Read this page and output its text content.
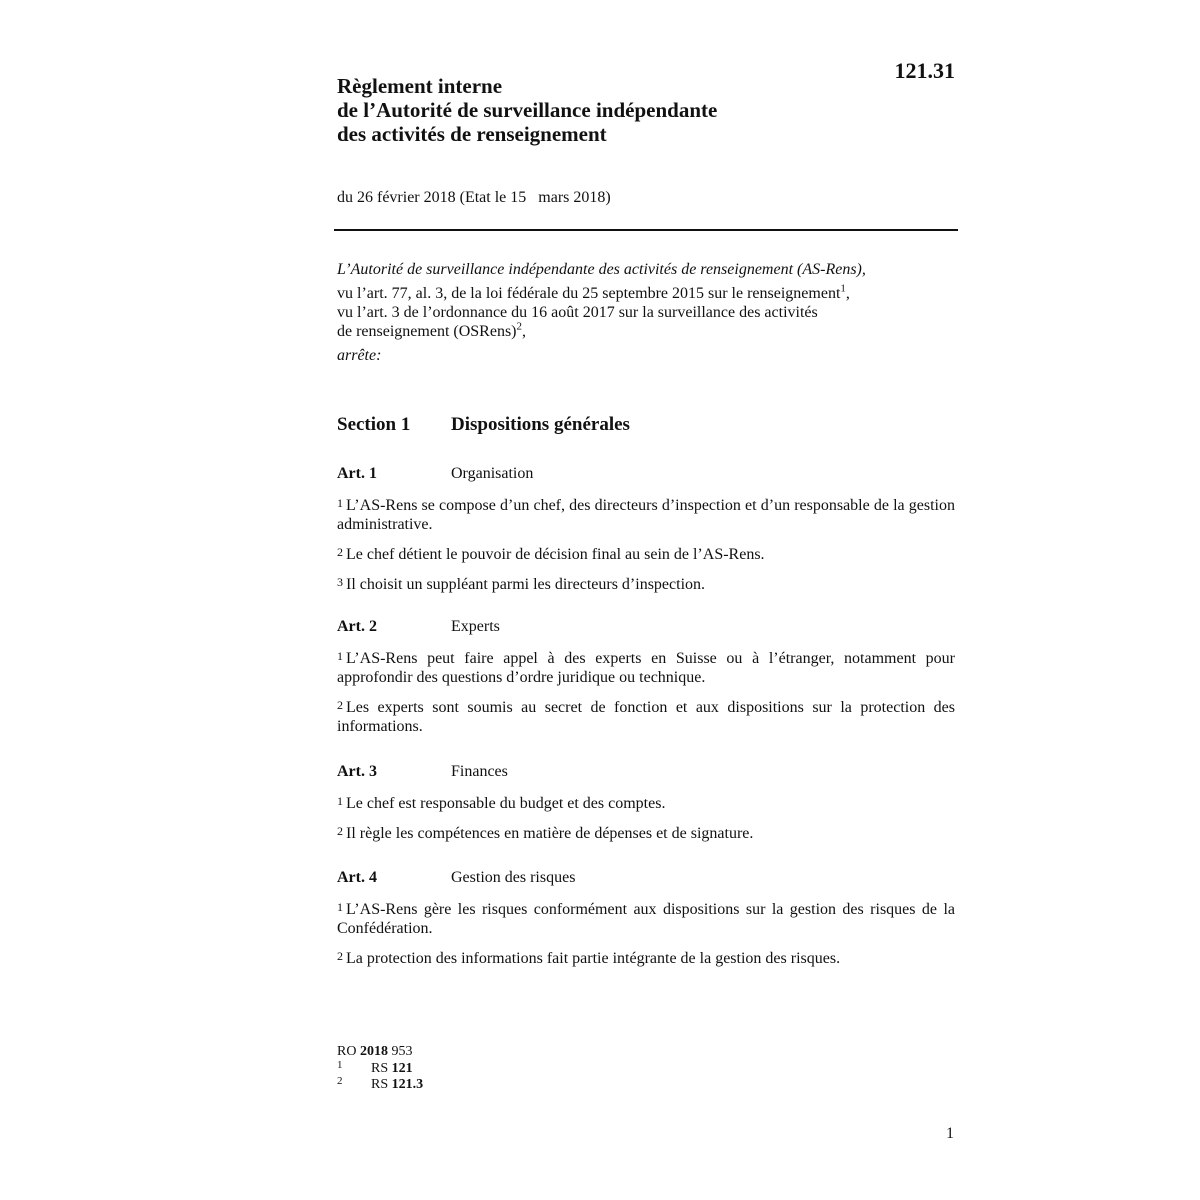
121.31
Règlement interne
de l’Autorité de surveillance indépendante
des activités de renseignement
du 26 février 2018 (Etat le 15   mars 2018)
L’Autorité de surveillance indépendante des activités de renseignement (AS-Rens),
vu l’art. 77, al. 3, de la loi fédérale du 25 septembre 2015 sur le renseignement$^1$,
vu l’art. 3 de l’ordonnance du 16 août 2017 sur la surveillance des activités
de renseignement (OSRens)$^2$,
arrête:
Section 1 Dispositions générales
Art. 1	Organisation
1 L’AS-Rens se compose d’un chef, des directeurs d’inspection et d’un responsable de la gestion administrative.
2 Le chef détient le pouvoir de décision final au sein de l’AS-Rens.
3 Il choisit un suppléant parmi les directeurs d’inspection.
Art. 2	Experts
1 L’AS-Rens peut faire appel à des experts en Suisse ou à l’étranger, notamment pour approfondir des questions d’ordre juridique ou technique.
2 Les experts sont soumis au secret de fonction et aux dispositions sur la protection des informations.
Art. 3	Finances
1 Le chef est responsable du budget et des comptes.
2 Il règle les compétences en matière de dépenses et de signature.
Art. 4	Gestion des risques
1 L’AS-Rens gère les risques conformément aux dispositions sur la gestion des risques de la Confédération.
2 La protection des informations fait partie intégrante de la gestion des risques.
RO 2018 953
1 RS 121
2 RS 121.3
1
